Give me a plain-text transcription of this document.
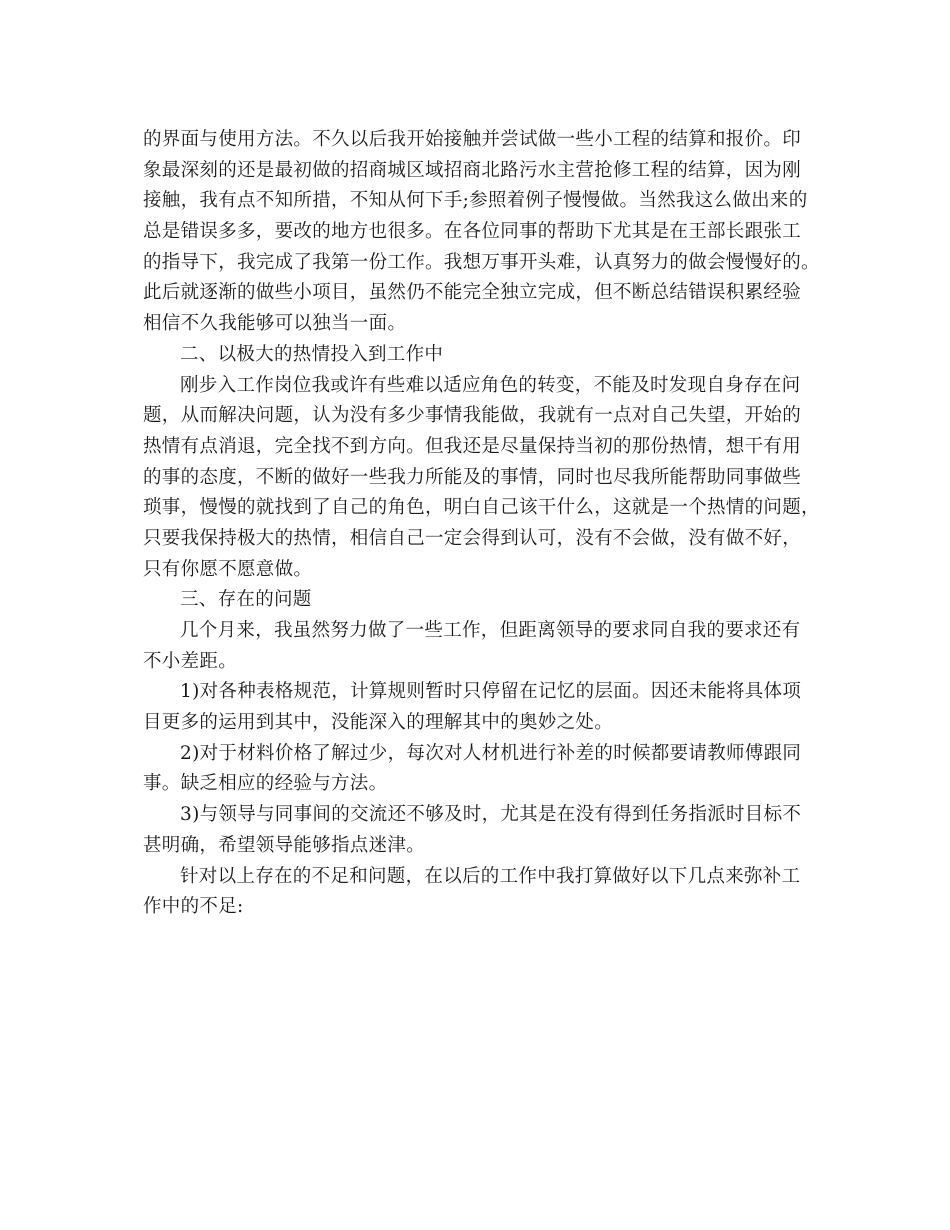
的界面与使用方法。不久以后我开始接触并尝试做一些小工程的结算和报价。印
象最深刻的还是最初做的招商城区域招商北路污水主营抢修工程的结算，因为刚
接触，我有点不知所措，不知从何下手;参照着例子慢慢做。当然我这么做出来的
总是错误多多，要改的地方也很多。在各位同事的帮助下尤其是在王部长跟张工
的指导下，我完成了我第一份工作。我想万事开头难，认真努力的做会慢慢好的。
此后就逐渐的做些小项目，虽然仍不能完全独立完成，但不断总结错误积累经验
相信不久我能够可以独当一面。
二、以极大的热情投入到工作中
刚步入工作岗位我或许有些难以适应角色的转变，不能及时发现自身存在问
题，从而解决问题，认为没有多少事情我能做，我就有一点对自己失望，开始的
热情有点消退，完全找不到方向。但我还是尽量保持当初的那份热情，想干有用
的事的态度，不断的做好一些我力所能及的事情，同时也尽我所能帮助同事做些
琐事，慢慢的就找到了自己的角色，明白自己该干什么，这就是一个热情的问题，
只要我保持极大的热情，相信自己一定会得到认可，没有不会做，没有做不好，
只有你愿不愿意做。
三、存在的问题
几个月来，我虽然努力做了一些工作，但距离领导的要求同自我的要求还有
不小差距。
1)对各种表格规范，计算规则暂时只停留在记忆的层面。因还未能将具体项
目更多的运用到其中，没能深入的理解其中的奥妙之处。
2)对于材料价格了解过少，每次对人材机进行补差的时候都要请教师傅跟同
事。缺乏相应的经验与方法。
3)与领导与同事间的交流还不够及时，尤其是在没有得到任务指派时目标不
甚明确，希望领导能够指点迷津。
针对以上存在的不足和问题，在以后的工作中我打算做好以下几点来弥补工
作中的不足:
